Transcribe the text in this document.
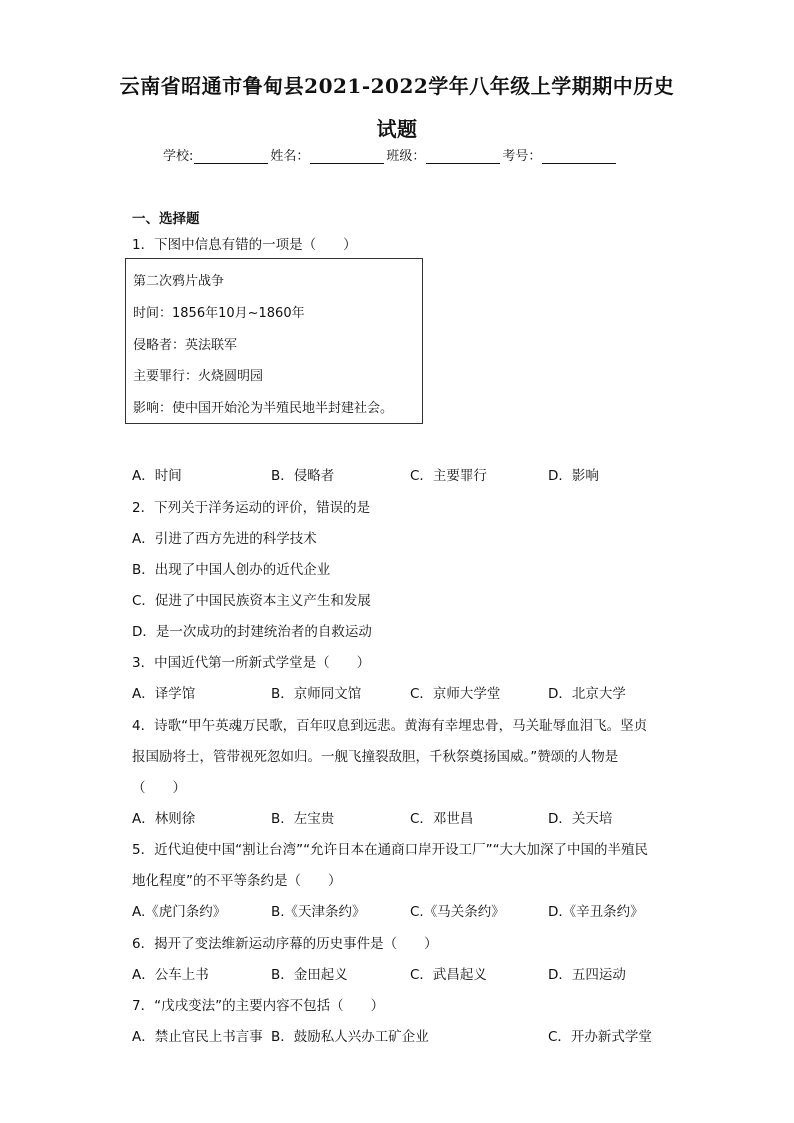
云南省昭通市鲁甸县2021-2022学年八年级上学期期中历史
试题
学校:	姓名：	班级：	考号：
一、选择题
1．下图中信息有错的一项是（　　）
第二次鸦片战争
时间：1856年10月~1860年
侵略者：英法联军
主要罪行：火烧圆明园
影响：使中国开始沦为半殖民地半封建社会。
A．时间	B．侵略者	C．主要罪行	D．影响
2．下列关于洋务运动的评价，错误的是
A．引进了西方先进的科学技术
B．出现了中国人创办的近代企业
C．促进了中国民族资本主义产生和发展
D．是一次成功的封建统治者的自救运动
3．中国近代第一所新式学堂是（　　）
A．译学馆	B．京师同文馆	C．京师大学堂	D．北京大学
4．诗歌“甲午英魂万民歌，百年叹息到远悲。黄海有幸埋忠骨，马关耻辱血泪飞。坚贞
报国励将士，管带视死忽如归。一舰飞撞裂敌胆，千秋祭奠扬国威。”赞颂的人物是
（　　）
A．林则徐	B．左宝贵	C．邓世昌	D．关天培
5．近代迫使中国“割让台湾”“允许日本在通商口岸开设工厂”“大大加深了中国的半殖民
地化程度”的不平等条约是（　　）
A.《虎门条约》	B.《天津条约》	C.《马关条约》	D.《辛丑条约》
6．揭开了变法维新运动序幕的历史事件是（　　）
A．公车上书	B．金田起义	C．武昌起义	D．五四运动
7．“戊戌变法”的主要内容不包括（　　）
A．禁止官民上书言事 B．鼓励私人兴办工矿企业	C．开办新式学堂
